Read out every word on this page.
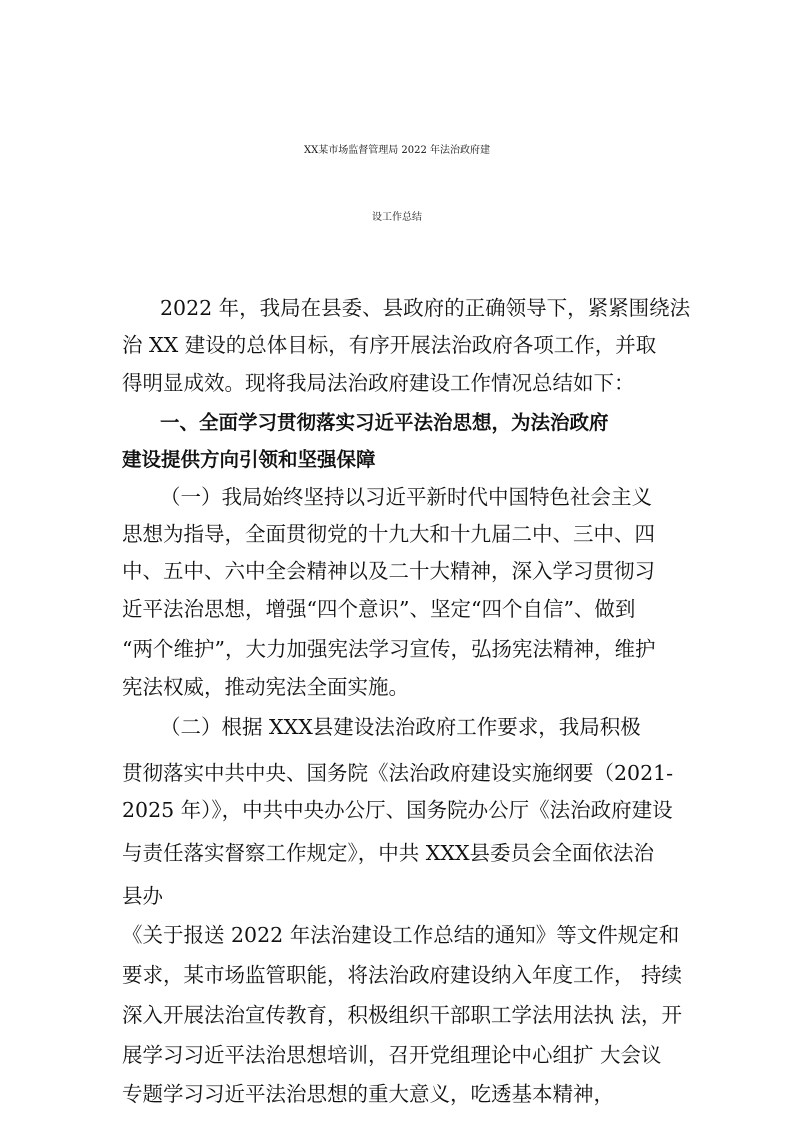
XX某市场监督管理局 2022 年法治政府建
设工作总结

2022 年，我局在县委、县政府的正确领导下，紧紧围绕法

治 XX 建设的总体目标，有序开展法治政府各项工作，并取

得明显成效。现将我局法治政府建设工作情况总结如下：

一、全面学习贯彻落实习近平法治思想，为法治政府

建设提供方向引领和坚强保障

（一）我局始终坚持以习近平新时代中国特色社会主义

思想为指导，全面贯彻党的十九大和十九届二中、三中、四

中、五中、六中全会精神以及二十大精神，深入学习贯彻习

近平法治思想，增强“四个意识”、坚定“四个自信”、做到

“两个维护”，大力加强宪法学习宣传，弘扬宪法精神，维护

宪法权威，推动宪法全面实施。

（二）根据 XXX县建设法治政府工作要求，我局积极

贯彻落实中共中央、国务院《法治政府建设实施纲要（2021-

2025 年）》，中共中央办公厅、国务院办公厅《法治政府建设

与责任落实督察工作规定》，中共 XXX县委员会全面依法治

县办

《关于报送 2022 年法治建设工作总结的通知》等文件规定和

要求，某市场监管职能，将法治政府建设纳入年度工作， 持续

深入开展法治宣传教育，积极组织干部职工学法用法执 法，开

展学习习近平法治思想培训，召开党组理论中心组扩 大会议

专题学习习近平法治思想的重大意义，吃透基本精神，
